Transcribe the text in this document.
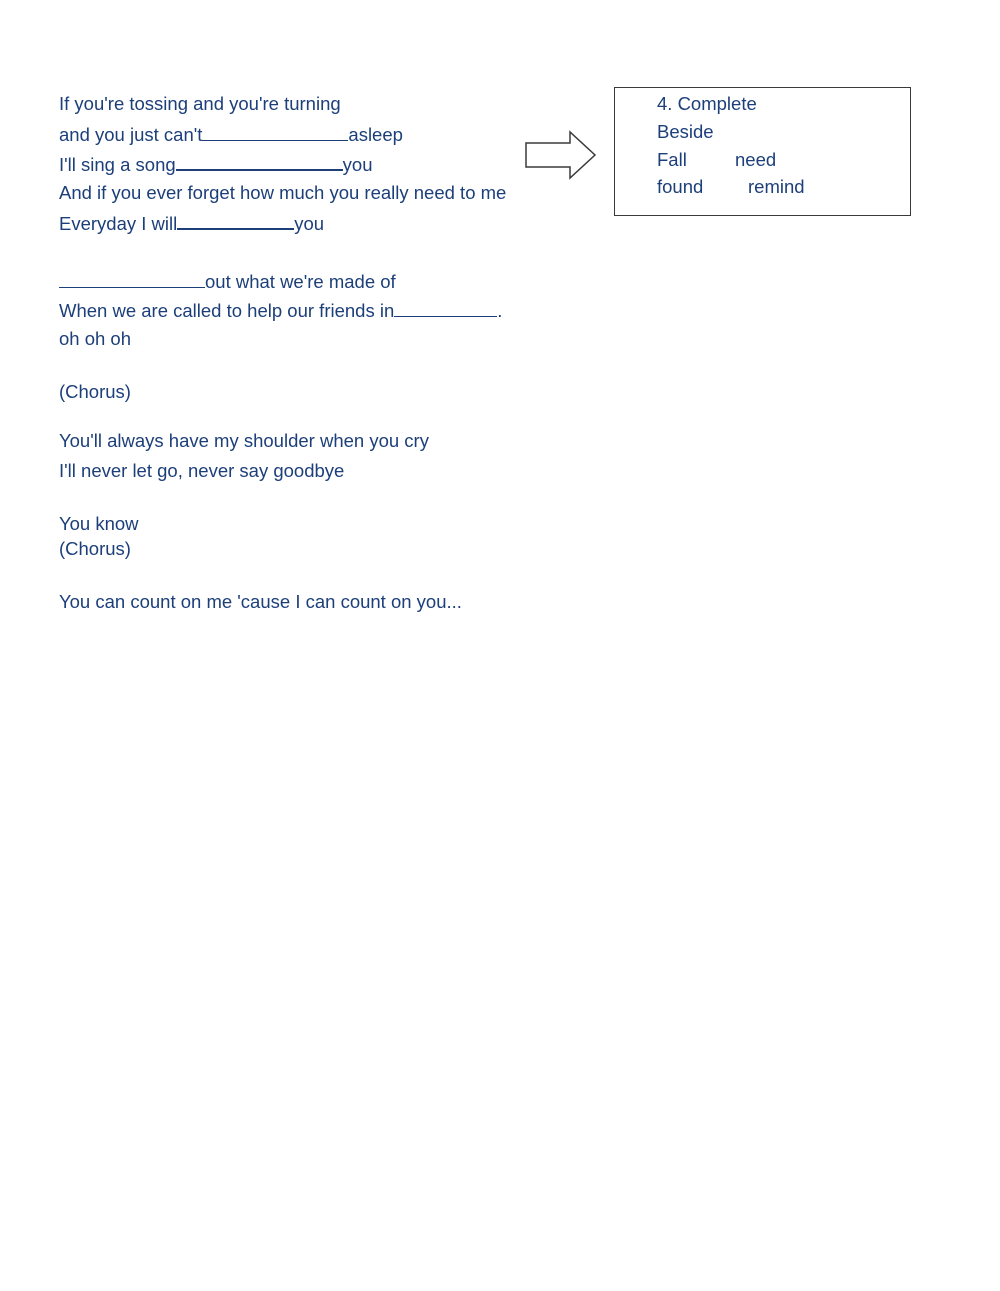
If you're tossing and you're turning
and you just can't	asleep
I'll sing a song	you
And if you ever forget how much you really need to me
Everyday I will	you
out what we're made of
When we are called to help our friends in	.
oh oh oh
(Chorus)
You'll always have my shoulder when you cry
I'll never let go, never say goodbye
You know
(Chorus)
You can count on me 'cause I can count on you...
4. Complete
Beside
Fall	need
found remind
